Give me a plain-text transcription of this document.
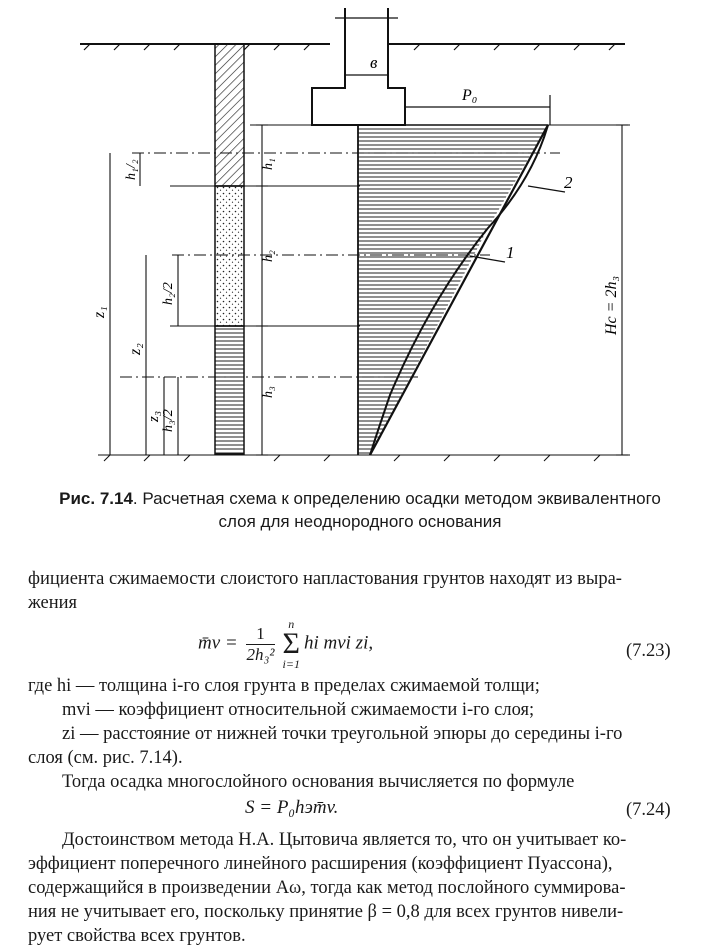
в
P₀
2
1
h₁
h₂
h₃
h₁/₂
h₂/2
h₃/2
z₁
z₂
z₃
Hc = 2h₃
Рис. 7.14. Расчетная схема к определению осадки методом эквивалентного слоя для неоднородного основания
фициента сжимаемости слоистого напластования грунтов находят из выра-
жения
m̄v = $\frac{1}{\text{2h₃²}}$	n
Σ
i=1
hi mvi zi,	(7.23)
где hi — толщина i-го слоя грунта в пределах сжимаемой толщи;
mvi — коэффициент относительной сжимаемости i-го слоя;
zi — расстояние от нижней точки треугольной эпюры до середины i-го
слоя (см. рис. 7.14).
Тогда осадка многослойного основания вычисляется по формуле
S = P₀hэm̄v.	(7.24)
Достоинством метода Н.А. Цытовича является то, что он учитывает ко-
эффициент поперечного линейного расширения (коэффициент Пуассона),
содержащийся в произведении Aω, тогда как метод послойного суммирова-
ния не учитывает его, поскольку принятие β = 0,8 для всех грунтов нивели-
рует свойства всех грунтов.
